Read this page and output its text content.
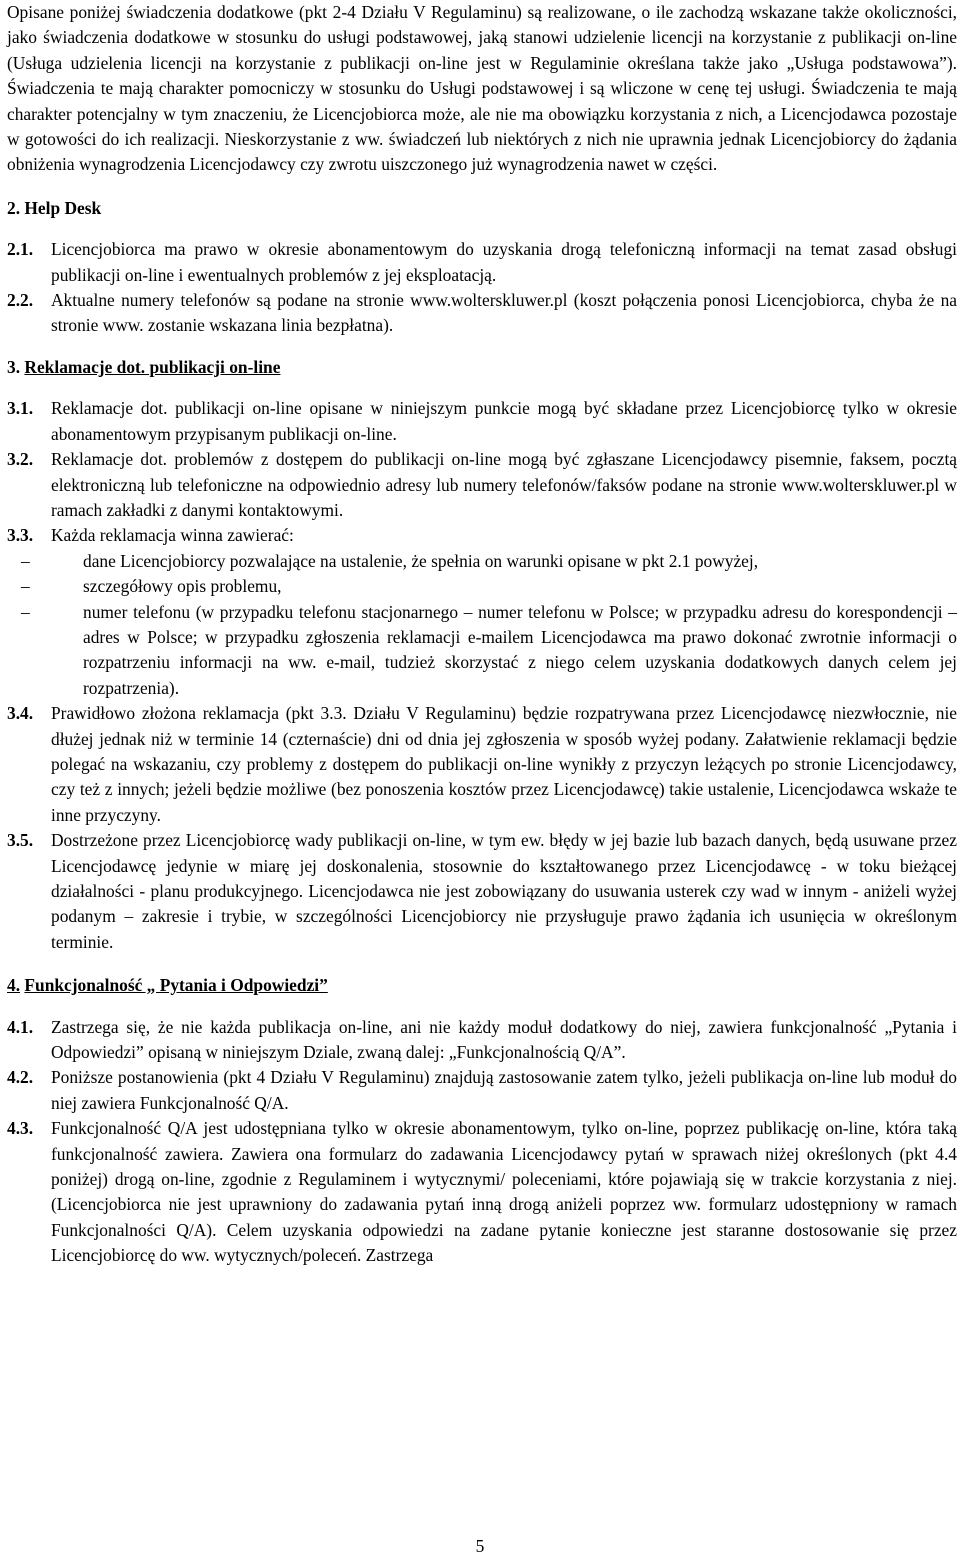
Opisane poniżej świadczenia dodatkowe (pkt 2-4 Działu V Regulaminu) są realizowane, o ile zachodzą wskazane także okoliczności, jako świadczenia dodatkowe w stosunku do usługi podstawowej, jaką stanowi udzielenie licencji na korzystanie z publikacji on-line (Usługa udzielenia licencji na korzystanie z publikacji on-line jest w Regulaminie określana także jako „Usługa podstawowa”). Świadczenia te mają charakter pomocniczy w stosunku do Usługi podstawowej i są wliczone w cenę tej usługi. Świadczenia te mają charakter potencjalny w tym znaczeniu, że Licencjobiorca może, ale nie ma obowiązku korzystania z nich, a Licencjodawca pozostaje w gotowości do ich realizacji. Nieskorzystanie z ww. świadczeń lub niektórych z nich nie uprawnia jednak Licencjobiorcy do żądania obniżenia wynagrodzenia Licencjodawcy czy zwrotu uiszczonego już wynagrodzenia nawet w części.

2. Help Desk

2.1.	Licencjobiorca ma prawo w okresie abonamentowym do uzyskania drogą telefoniczną informacji na temat zasad obsługi publikacji on-line i ewentualnych problemów z jej eksploatacją.
2.2.	Aktualne numery telefonów są podane na stronie www.wolterskluwer.pl (koszt połączenia ponosi Licencjobiorca, chyba że na stronie www. zostanie wskazana linia bezpłatna).

3. Reklamacje dot. publikacji on-line

3.1.	Reklamacje dot. publikacji on-line opisane w niniejszym punkcie mogą być składane przez Licencjobiorcę tylko w okresie abonamentowym przypisanym publikacji on-line.
3.2.	Reklamacje dot. problemów z dostępem do publikacji on-line mogą być zgłaszane Licencjodawcy pisemnie, faksem, pocztą elektroniczną lub telefoniczne na odpowiednio adresy lub numery telefonów/faksów podane na stronie www.wolterskluwer.pl w ramach zakładki z danymi kontaktowymi.
3.3.	Każda reklamacja winna zawierać:
–	dane Licencjobiorcy pozwalające na ustalenie, że spełnia on warunki opisane w pkt 2.1 powyżej,
–	szczegółowy opis problemu,
–	numer telefonu (w przypadku telefonu stacjonarnego – numer telefonu w Polsce; w przypadku adresu do korespondencji – adres w Polsce; w przypadku zgłoszenia reklamacji e-mailem Licencjodawca ma prawo dokonać zwrotnie informacji o rozpatrzeniu informacji na ww. e-mail, tudzież skorzystać z niego celem uzyskania dodatkowych danych celem jej rozpatrzenia).
3.4.	Prawidłowo złożona reklamacja (pkt 3.3. Działu V Regulaminu) będzie rozpatrywana przez Licencjodawcę niezwłocznie, nie dłużej jednak niż w terminie 14 (czternaście) dni od dnia jej zgłoszenia w sposób wyżej podany. Załatwienie reklamacji będzie polegać na wskazaniu, czy problemy z dostępem do publikacji on-line wynikły z przyczyn leżących po stronie Licencjodawcy, czy też z innych; jeżeli będzie możliwe (bez ponoszenia kosztów przez Licencjodawcę) takie ustalenie, Licencjodawca wskaże te inne przyczyny.
3.5.	Dostrzeżone przez Licencjobiorcę wady publikacji on-line, w tym ew. błędy w jej bazie lub bazach danych, będą usuwane przez Licencjodawcę jedynie w miarę jej doskonalenia, stosownie do kształtowanego przez Licencjodawcę - w toku bieżącej działalności - planu produkcyjnego. Licencjodawca nie jest zobowiązany do usuwania usterek czy wad w innym - aniżeli wyżej podanym – zakresie i trybie, w szczególności Licencjobiorcy nie przysługuje prawo żądania ich usunięcia w określonym terminie.

4. Funkcjonalność „ Pytania i Odpowiedzi”

4.1.	Zastrzega się, że nie każda publikacja on-line, ani nie każdy moduł dodatkowy do niej, zawiera funkcjonalność „Pytania i Odpowiedzi” opisaną w niniejszym Dziale, zwaną dalej: „Funkcjonalnością Q/A”.
4.2.	Poniższe postanowienia (pkt 4 Działu V Regulaminu) znajdują zastosowanie zatem tylko, jeżeli publikacja on-line lub moduł do niej zawiera Funkcjonalność Q/A.
4.3.	Funkcjonalność Q/A jest udostępniana tylko w okresie abonamentowym, tylko on-line, poprzez publikację on-line, która taką funkcjonalność zawiera. Zawiera ona formularz do zadawania Licencjodawcy pytań w sprawach niżej określonych (pkt 4.4 poniżej) drogą on-line, zgodnie z Regulaminem i wytycznymi/ poleceniami, które pojawiają się w trakcie korzystania z niej. (Licencjobiorca nie jest uprawniony do zadawania pytań inną drogą aniżeli poprzez ww. formularz udostępniony w ramach Funkcjonalności Q/A). Celem uzyskania odpowiedzi na zadane pytanie konieczne jest staranne dostosowanie się przez Licencjobiorcę do ww. wytycznych/poleceń. Zastrzega
5
